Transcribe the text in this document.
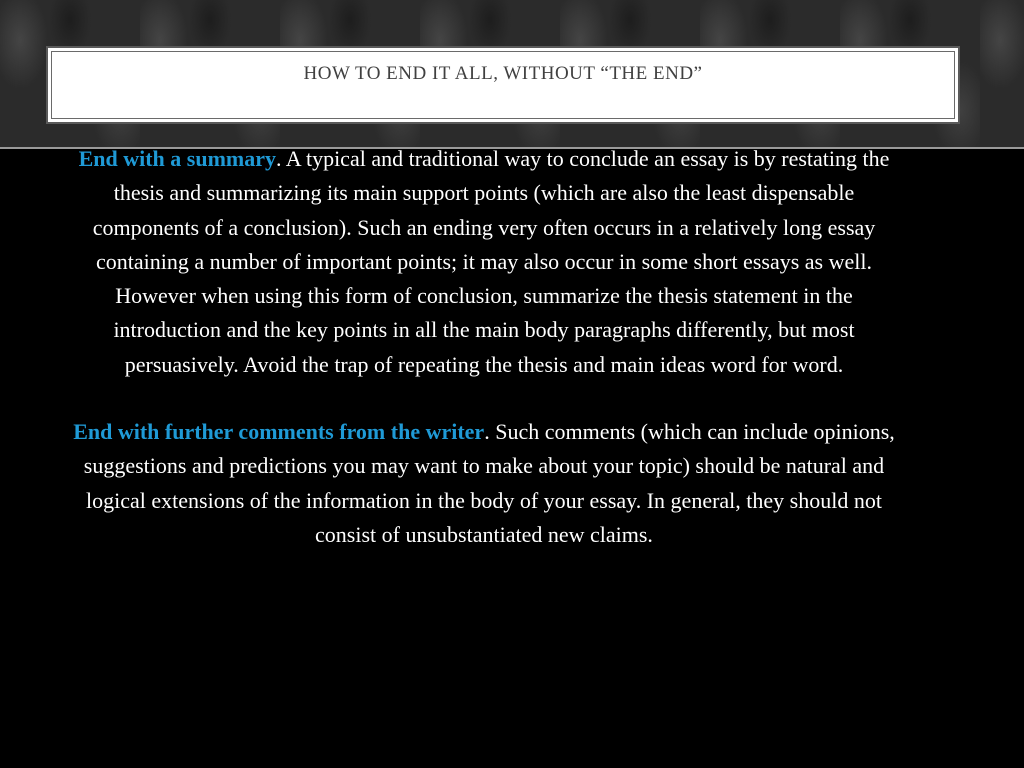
HOW TO END IT ALL, WITHOUT “THE END”

End with a summary. A typical and traditional way to conclude an essay is by restating the thesis and summarizing its main support points (which are also the least dispensable components of a conclusion). Such an ending very often occurs in a relatively long essay containing a number of important points; it may also occur in some short essays as well. However when using this form of conclusion, summarize the thesis statement in the introduction and the key points in all the main body paragraphs differently, but most persuasively. Avoid the trap of repeating the thesis and main ideas word for word.

End with further comments from the writer. Such comments (which can include opinions, suggestions and predictions you may want to make about your topic) should be natural and logical extensions of the information in the body of your essay. In general, they should not consist of unsubstantiated new claims.
